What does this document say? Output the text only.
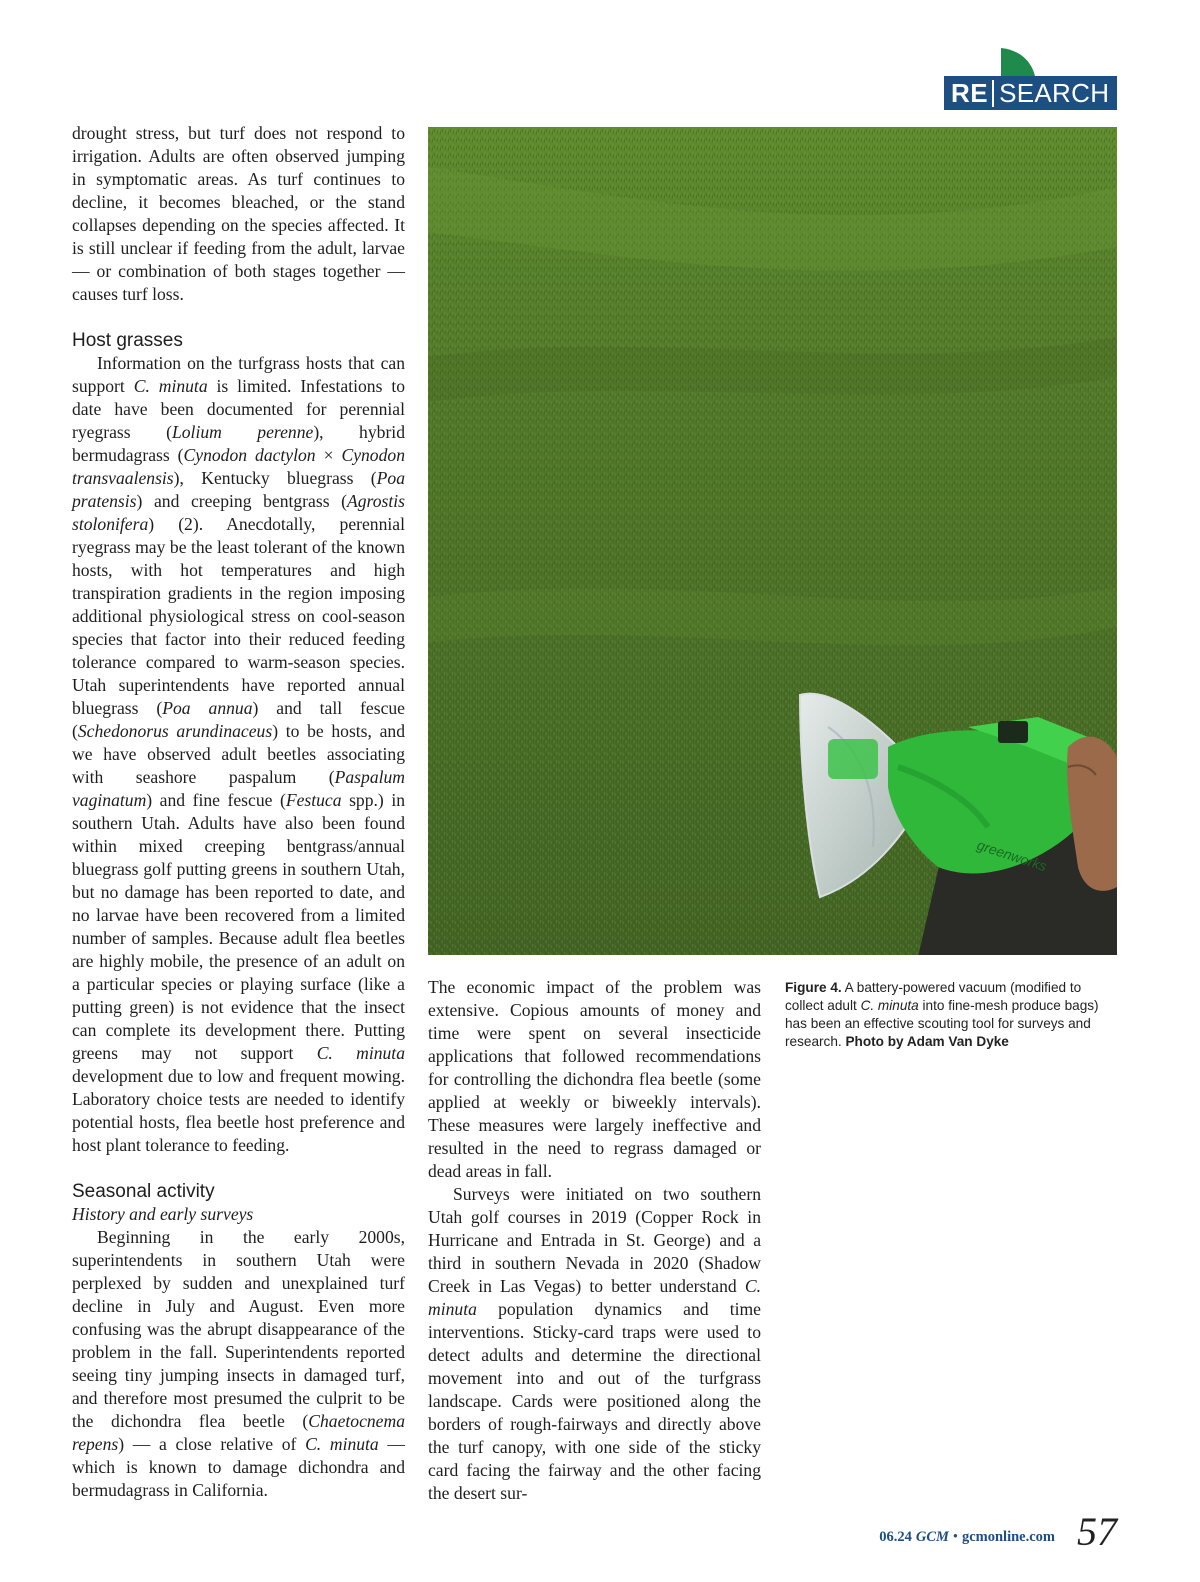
RE SEARCH

drought stress, but turf does not respond to irrigation. Adults are often observed jumping in symptomatic areas. As turf continues to decline, it becomes bleached, or the stand collapses depending on the species affected. It is still unclear if feeding from the adult, larvae — or combination of both stages together — causes turf loss.

Host grasses

Information on the turfgrass hosts that can support C. minuta is limited. Infestations to date have been documented for perennial ryegrass (Lolium perenne), hybrid bermudagrass (Cynodon dactylon × Cynodon transvaalensis), Kentucky bluegrass (Poa pratensis) and creeping bentgrass (Agrostis stolonifera) (2). Anecdotally, perennial ryegrass may be the least tolerant of the known hosts, with hot temperatures and high transpiration gradients in the region imposing additional physiological stress on cool-season species that factor into their reduced feeding tolerance compared to warm-season species. Utah superintendents have reported annual bluegrass (Poa annua) and tall fescue (Schedonorus arundinaceus) to be hosts, and we have observed adult beetles associating with seashore paspalum (Paspalum vaginatum) and fine fescue (Festuca spp.) in southern Utah. Adults have also been found within mixed creeping bentgrass/annual bluegrass golf putting greens in southern Utah, but no damage has been reported to date, and no larvae have been recovered from a limited number of samples. Because adult flea beetles are highly mobile, the presence of an adult on a particular species or playing surface (like a putting green) is not evidence that the insect can complete its development there. Putting greens may not support C. minuta development due to low and frequent mowing. Laboratory choice tests are needed to identify potential hosts, flea beetle host preference and host plant tolerance to feeding.

Seasonal activity

History and early surveys

Beginning in the early 2000s, superintendents in southern Utah were perplexed by sudden and unexplained turf decline in July and August. Even more confusing was the abrupt disappearance of the problem in the fall. Superintendents reported seeing tiny jumping insects in damaged turf, and therefore most presumed the culprit to be the dichondra flea beetle (Chaetocnema repens) — a close relative of C. minuta — which is known to damage dichondra and bermudagrass in California.

greenworks

The economic impact of the problem was extensive. Copious amounts of money and time were spent on several insecticide applications that followed recommendations for controlling the dichondra flea beetle (some applied at weekly or biweekly intervals). These measures were largely ineffective and resulted in the need to regrass damaged or dead areas in fall.

Surveys were initiated on two southern Utah golf courses in 2019 (Copper Rock in Hurricane and Entrada in St. George) and a third in southern Nevada in 2020 (Shadow Creek in Las Vegas) to better understand C. minuta population dynamics and time interventions. Sticky-card traps were used to detect adults and determine the directional movement into and out of the turfgrass landscape. Cards were positioned along the borders of rough-fairways and directly above the turf canopy, with one side of the sticky card facing the fairway and the other facing the desert sur-

Figure 4. A battery-powered vacuum (modified to collect adult C. minuta into fine-mesh produce bags) has been an effective scouting tool for surveys and research. Photo by Adam Van Dyke
06.24 GCM • gcmonline.com 57
